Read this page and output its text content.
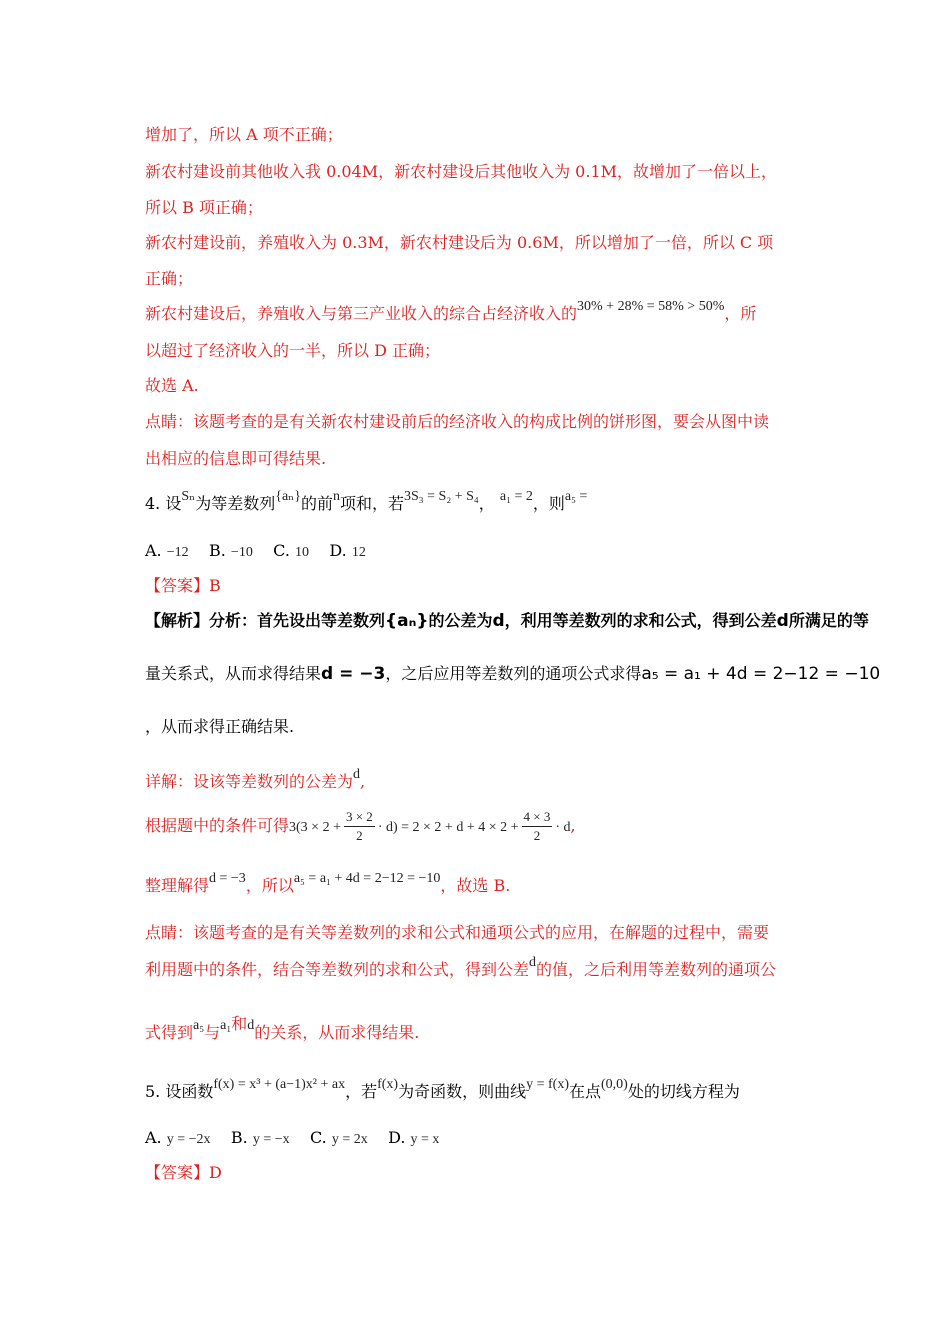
增加了，所以 A 项不正确；
新农村建设前其他收入我 0.04M，新农村建设后其他收入为 0.1M，故增加了一倍以上，
所以 B 项正确；
新农村建设前，养殖收入为 0.3M，新农村建设后为 0.6M，所以增加了一倍，所以 C 项
正确；
新农村建设后，养殖收入与第三产业收入的综合占经济收入的30% + 28% = 58% > 50%，所
以超过了经济收入的一半，所以 D 正确；
故选 A.
点睛：该题考查的是有关新农村建设前后的经济收入的构成比例的饼形图，要会从图中读
出相应的信息即可得结果.
4. 设Sₙ为等差数列{aₙ}的前n项和，若3S₃ = S₂ + S₄， a₁ = 2，则a₅ =
A. −12 B. −10 C. 10 D. 12
【答案】B
【解析】分析：首先设出等差数列{aₙ}的公差为d，利用等差数列的求和公式，得到公差d所满足的等
量关系式，从而求得结果d = −3，之后应用等差数列的通项公式求得a₅ = a₁ + 4d = 2−12 = −10
，从而求得正确结果.
详解：设该等差数列的公差为d,
根据题中的条件可得$3(3 \times 2 + \frac{3 \times 2}{2} \cdot d) = 2 \times 2 + d + 4 \times 2 + \frac{4 \times 3}{2} \cdot d$,
整理解得d = −3，所以a₅ = a₁ + 4d = 2−12 = −10，故选 B.
点睛：该题考查的是有关等差数列的求和公式和通项公式的应用，在解题的过程中，需要
利用题中的条件，结合等差数列的求和公式，得到公差d的值，之后利用等差数列的通项公
式得到a₅与a₁和d的关系，从而求得结果.
5. 设函数f(x) = x³ + (a−1)x² + ax，若f(x)为奇函数，则曲线y = f(x)在点(0,0)处的切线方程为
A. y = −2x B. y = −x C. y = 2x D. y = x
【答案】D
